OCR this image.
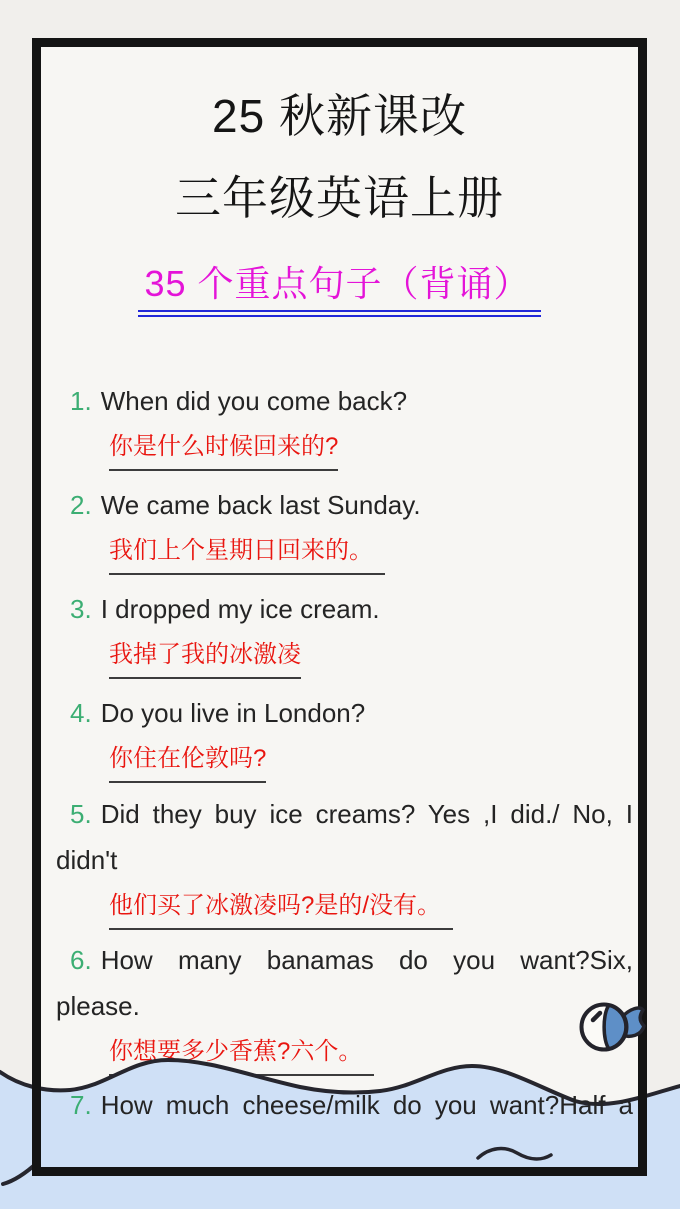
25 秋新课改
三年级英语上册
35 个重点句子（背诵）
1. When did you come back?
你是什么时候回来的?
2. We came back last Sunday.
我们上个星期日回来的。　
3. I dropped my ice cream.
我掉了我的冰激凌
4. Do you live in London?
你住在伦敦吗?
5. Did they buy ice creams? Yes ,I did./ No, I
didn't
他们买了冰激凌吗?是的/没有。　
6. How many banamas do you want?Six,
please.
你想要多少香蕉?六个。　
7. How much cheese/milk do you want?Half a
